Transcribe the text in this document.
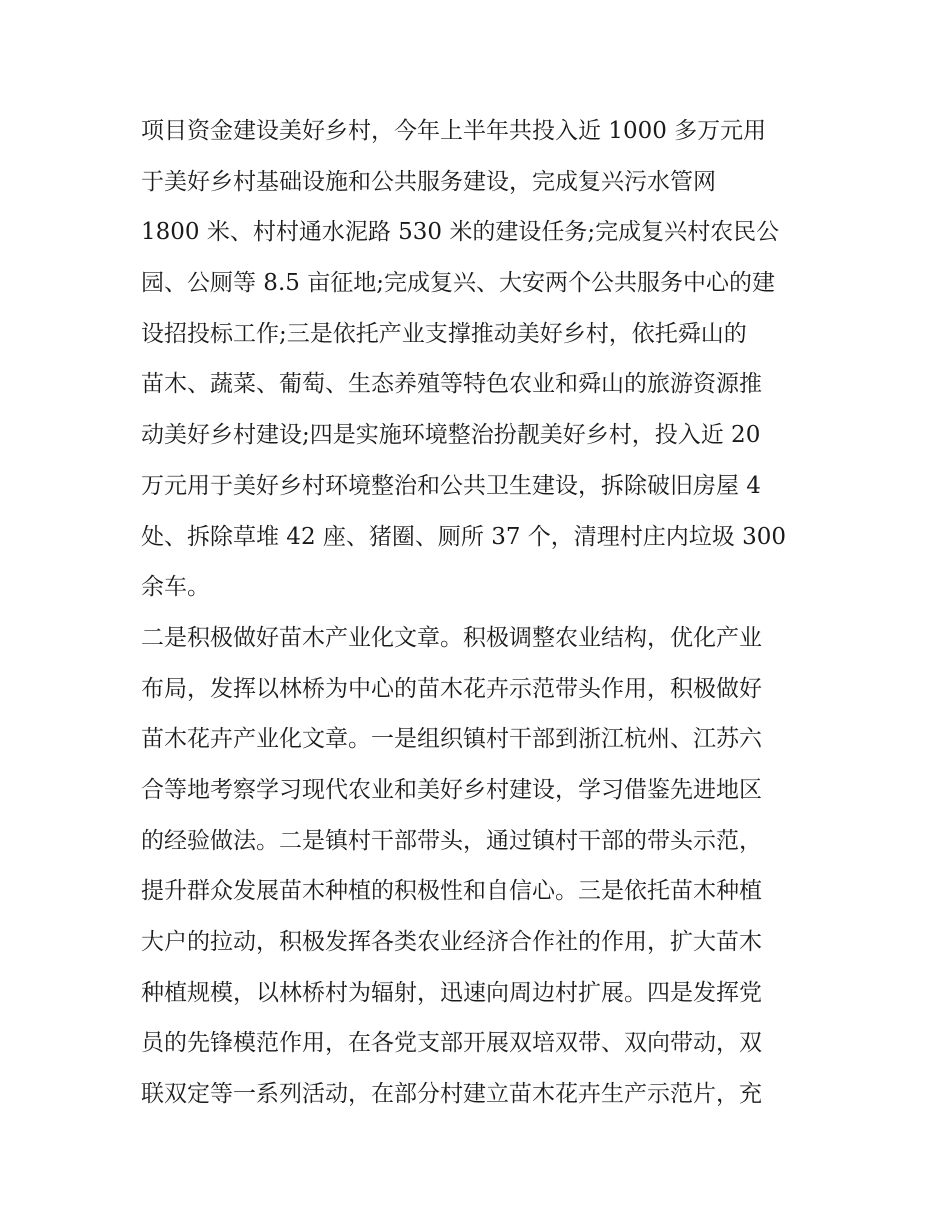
项目资金建设美好乡村，今年上半年共投入近 1000 多万元用
于美好乡村基础设施和公共服务建设，完成复兴污水管网
1800 米、村村通水泥路 530 米的建设任务;完成复兴村农民公
园、公厕等 8.5 亩征地;完成复兴、大安两个公共服务中心的建
设招投标工作;三是依托产业支撑推动美好乡村，依托舜山的
苗木、蔬菜、葡萄、生态养殖等特色农业和舜山的旅游资源推
动美好乡村建设;四是实施环境整治扮靓美好乡村，投入近 20
万元用于美好乡村环境整治和公共卫生建设，拆除破旧房屋 4
处、拆除草堆 42 座、猪圈、厕所 37 个，清理村庄内垃圾 300
余车。
二是积极做好苗木产业化文章。积极调整农业结构，优化产业
布局，发挥以林桥为中心的苗木花卉示范带头作用，积极做好
苗木花卉产业化文章。一是组织镇村干部到浙江杭州、江苏六
合等地考察学习现代农业和美好乡村建设，学习借鉴先进地区
的经验做法。二是镇村干部带头，通过镇村干部的带头示范，
提升群众发展苗木种植的积极性和自信心。三是依托苗木种植
大户的拉动，积极发挥各类农业经济合作社的作用，扩大苗木
种植规模，以林桥村为辐射，迅速向周边村扩展。四是发挥党
员的先锋模范作用，在各党支部开展双培双带、双向带动，双
联双定等一系列活动，在部分村建立苗木花卉生产示范片，充
